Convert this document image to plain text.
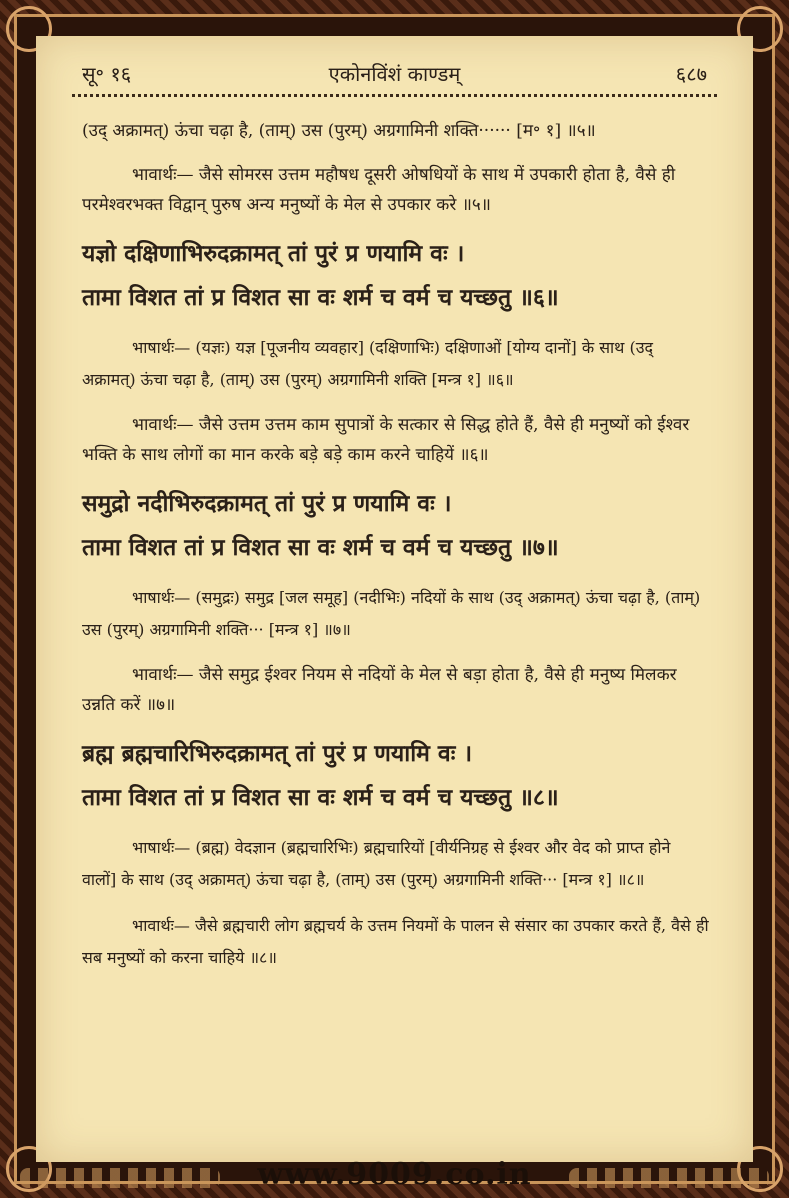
सू॰ १६	एकोनविंशं काण्डम्	६८७

(उद् अक्रामत्) ऊंचा चढ़ा है, (ताम्) उस (पुरम्) अग्रगामिनी शक्ति······ [म॰ १] ॥५॥

भावार्थः— जैसे सोमरस उत्तम महौषध दूसरी ओषधियों के साथ में उपकारी होता है, वैसे ही परमेश्वरभक्त विद्वान् पुरुष अन्य मनुष्यों के मेल से उपकार करे ॥५॥

यज्ञो दक्षिणाभिरुदक्रामत् तां पुरं प्र णयामि वः ।

तामा विशत तां प्र विशत सा वः शर्म च वर्म च यच्छतु ॥६॥

भाषार्थः— (यज्ञः) यज्ञ [पूजनीय व्यवहार] (दक्षिणाभिः) दक्षिणाओं [योग्य दानों] के साथ (उद् अक्रामत्) ऊंचा चढ़ा है, (ताम्) उस (पुरम्) अग्रगामिनी शक्ति [मन्त्र १] ॥६॥

भावार्थः— जैसे उत्तम उत्तम काम सुपात्रों के सत्कार से सिद्ध होते हैं, वैसे ही मनुष्यों को ईश्वर भक्ति के साथ लोगों का मान करके बड़े बड़े काम करने चाहियें ॥६॥

समुद्रो नदीभिरुदक्रामत् तां पुरं प्र णयामि वः ।

तामा विशत तां प्र विशत सा वः शर्म च वर्म च यच्छतु ॥७॥

भाषार्थः— (समुद्रः) समुद्र [जल समूह] (नदीभिः) नदियों के साथ (उद् अक्रामत्) ऊंचा चढ़ा है, (ताम्) उस (पुरम्) अग्रगामिनी शक्ति··· [मन्त्र १] ॥७॥

भावार्थः— जैसे समुद्र ईश्वर नियम से नदियों के मेल से बड़ा होता है, वैसे ही मनुष्य मिलकर उन्नति करें ॥७॥

ब्रह्म ब्रह्मचारिभिरुदक्रामत् तां पुरं प्र णयामि वः ।

तामा विशत तां प्र विशत सा वः शर्म च वर्म च यच्छतु ॥८॥

भाषार्थः— (ब्रह्म) वेदज्ञान (ब्रह्मचारिभिः) ब्रह्मचारियों [वीर्यनिग्रह से ईश्वर और वेद को प्राप्त होने वालों] के साथ (उद् अक्रामत्) ऊंचा चढ़ा है, (ताम्) उस (पुरम्) अग्रगामिनी शक्ति··· [मन्त्र १] ॥८॥

भावार्थः— जैसे ब्रह्मचारी लोग ब्रह्मचर्य के उत्तम नियमों के पालन से संसार का उपकार करते हैं, वैसे ही सब मनुष्यों को करना चाहिये ॥८॥

www.9009.co.in
